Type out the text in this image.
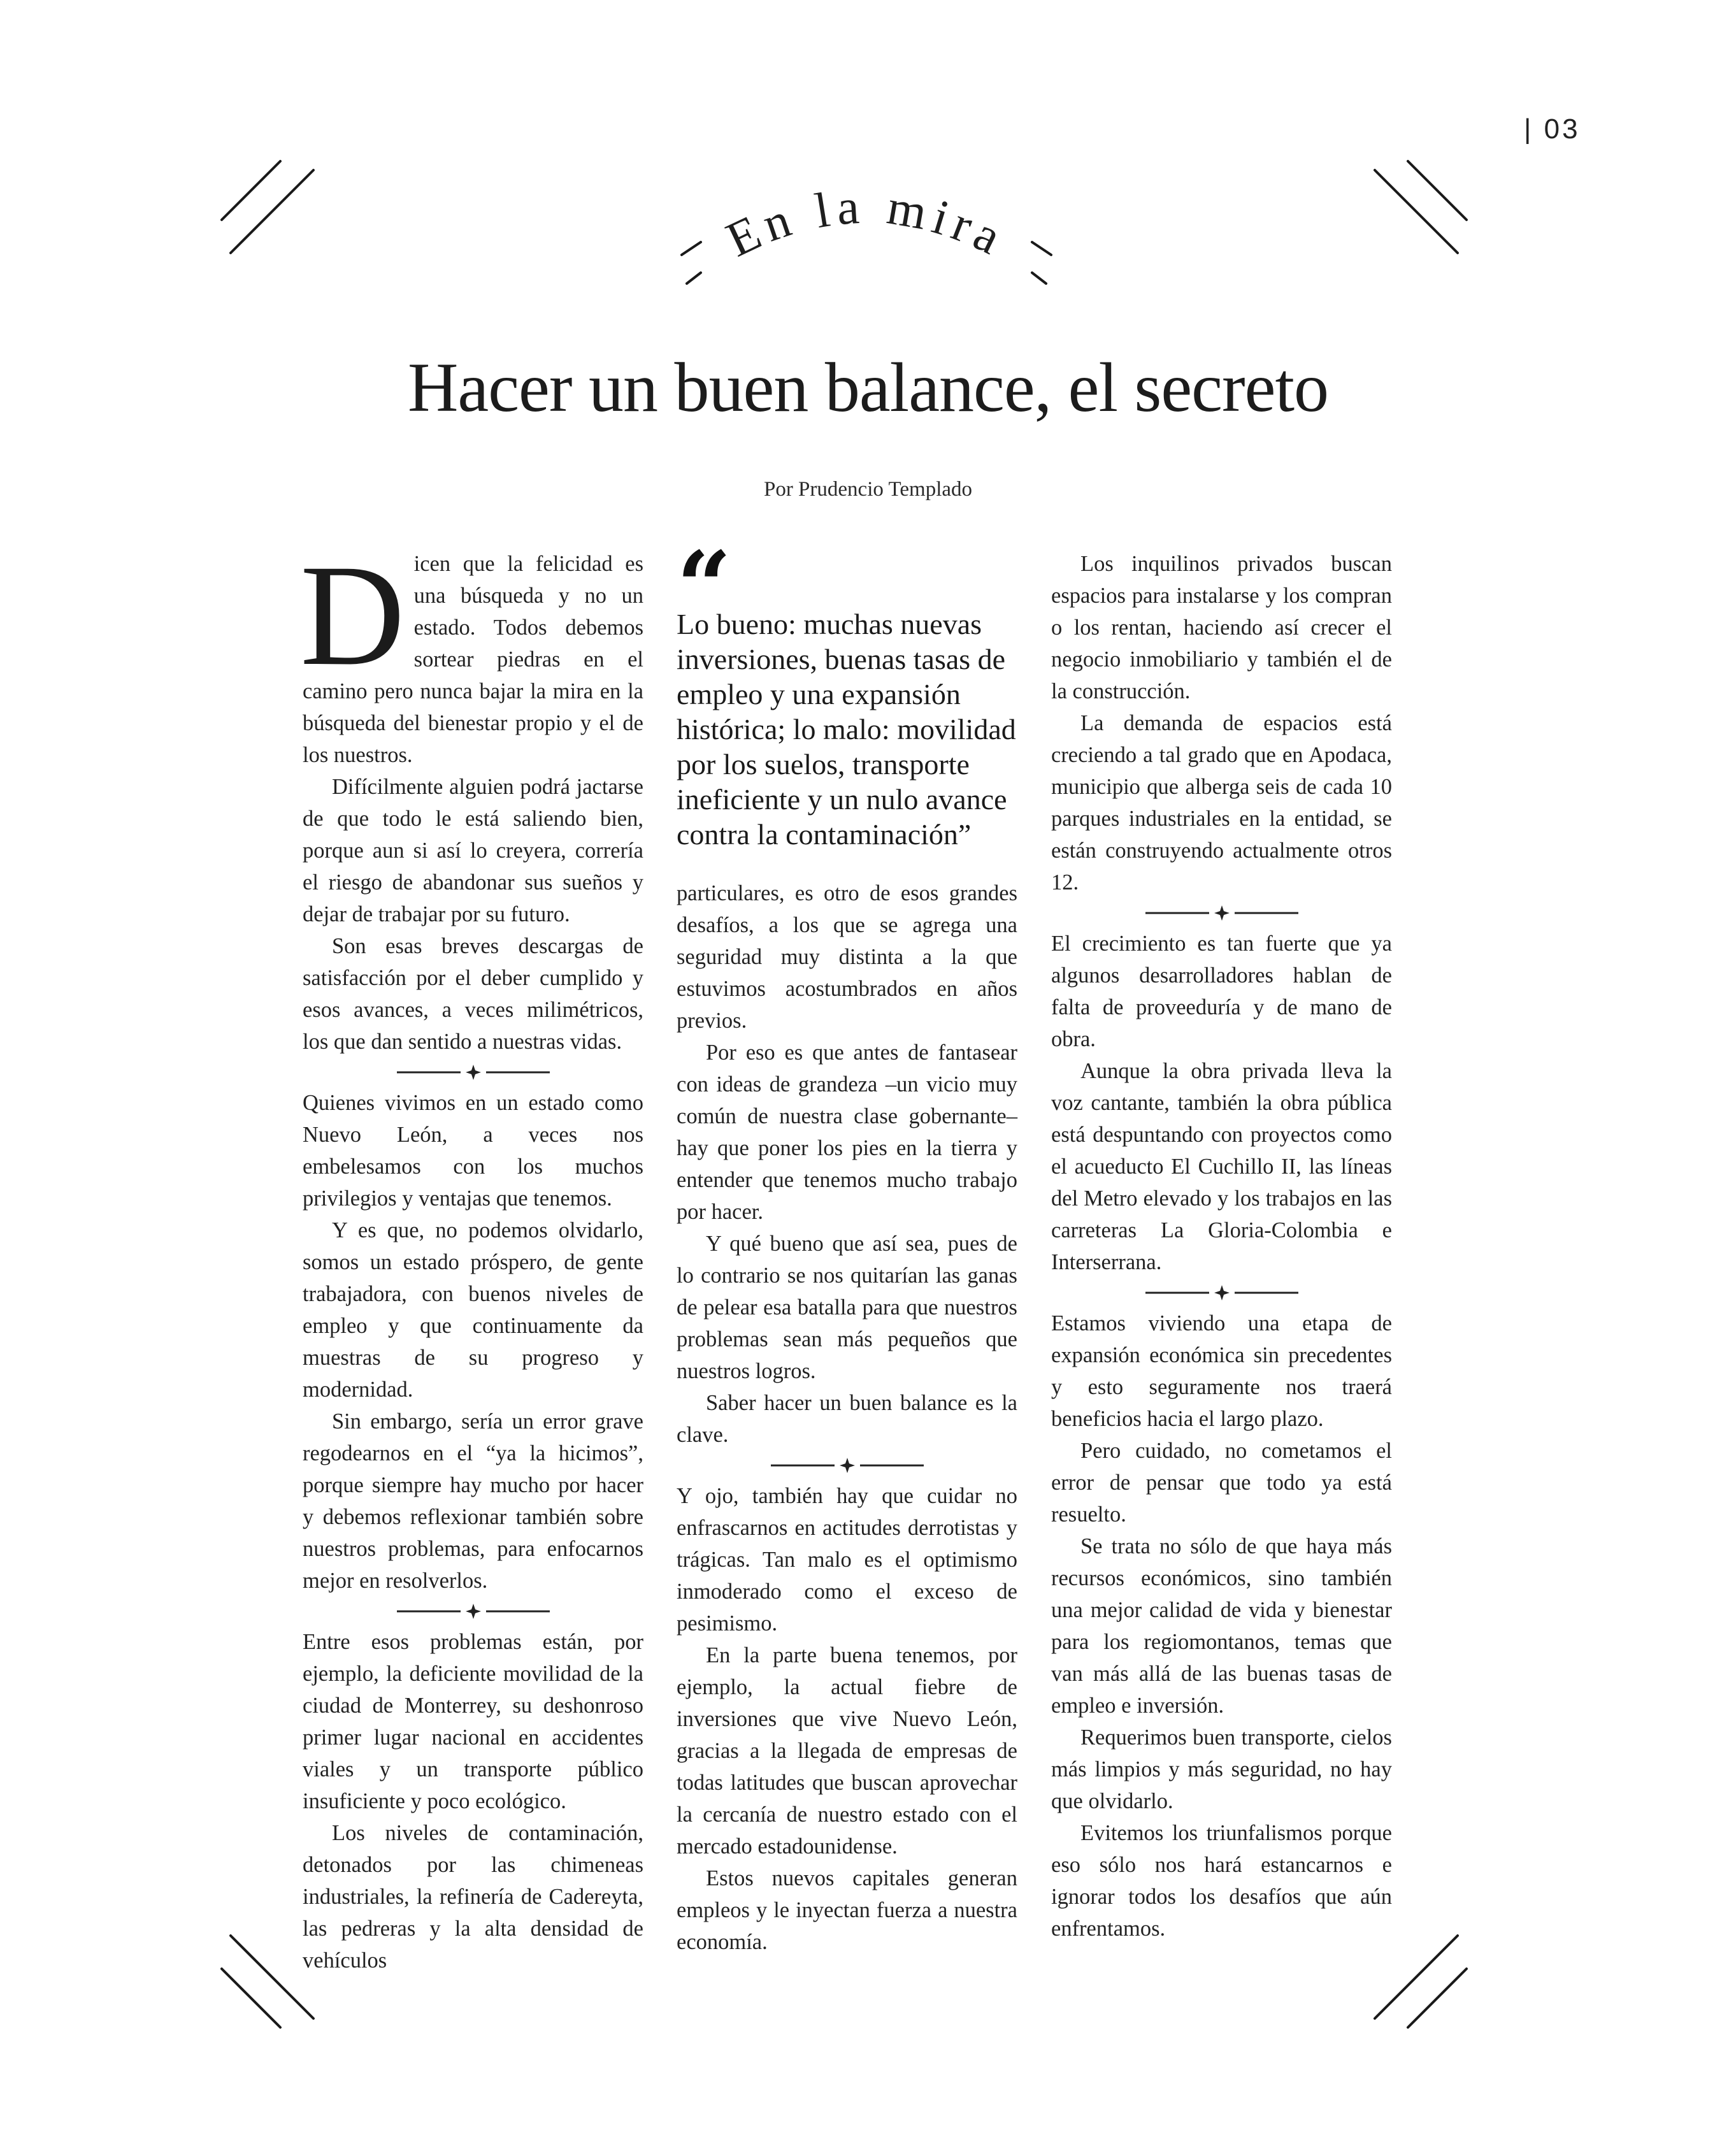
| 03
En la mira
Hacer un buen balance, el secreto
Por Prudencio Templado
D icen que la felicidad es una búsqueda y no un estado. Todos debemos sortear piedras en el camino pero nunca bajar la mira en la búsqueda del bienestar propio y el de los nuestros.

Difícilmente alguien podrá jactarse de que todo le está saliendo bien, porque aun si así lo creyera, correría el riesgo de abandonar sus sueños y dejar de trabajar por su futuro.

Son esas breves descargas de satisfacción por el deber cumplido y esos avances, a veces milimétricos, los que dan sentido a nuestras vidas.

Quienes vivimos en un estado como Nuevo León, a veces nos embelesamos con los muchos privilegios y ventajas que tenemos.

Y es que, no podemos olvidarlo, somos un estado próspero, de gente trabajadora, con buenos niveles de empleo y que continuamente da muestras de su progreso y modernidad.

Sin embargo, sería un error grave regodearnos en el “ya la hicimos”, porque siempre hay mucho por hacer y debemos reflexionar también sobre nuestros problemas, para enfocarnos mejor en resolverlos.

Entre esos problemas están, por ejemplo, la deficiente movilidad de la ciudad de Monterrey, su deshonroso primer lugar nacional en accidentes viales y un transporte público insuficiente y poco ecológico.

Los niveles de contaminación, detonados por las chimeneas industriales, la refinería de Cadereyta, las pedreras y la alta densidad de vehículos

“
Lo bueno: muchas nuevas inversiones, buenas tasas de empleo y una expansión histórica; lo malo: movilidad por los suelos, transporte ineficiente y un nulo avance contra la contaminación”

particulares, es otro de esos grandes desafíos, a los que se agrega una seguridad muy distinta a la que estuvimos acostumbrados en años previos.

Por eso es que antes de fantasear con ideas de grandeza –un vicio muy común de nuestra clase gobernante– hay que poner los pies en la tierra y entender que tenemos mucho trabajo por hacer.

Y qué bueno que así sea, pues de lo contrario se nos quitarían las ganas de pelear esa batalla para que nuestros problemas sean más pequeños que nuestros logros.

Saber hacer un buen balance es la clave.

Y ojo, también hay que cuidar no enfrascarnos en actitudes derrotistas y trágicas. Tan malo es el optimismo inmoderado como el exceso de pesimismo.

En la parte buena tenemos, por ejemplo, la actual fiebre de inversiones que vive Nuevo León, gracias a la llegada de empresas de todas latitudes que buscan aprovechar la cercanía de nuestro estado con el mercado estadounidense.

Estos nuevos capitales generan empleos y le inyectan fuerza a nuestra economía.

Los inquilinos privados buscan espacios para instalarse y los compran o los rentan, haciendo así crecer el negocio inmobiliario y también el de la construcción.

La demanda de espacios está creciendo a tal grado que en Apodaca, municipio que alberga seis de cada 10 parques industriales en la entidad, se están construyendo actualmente otros 12.

El crecimiento es tan fuerte que ya algunos desarrolladores hablan de falta de proveeduría y de mano de obra.

Aunque la obra privada lleva la voz cantante, también la obra pública está despuntando con proyectos como el acueducto El Cuchillo II, las líneas del Metro elevado y los trabajos en las carreteras La Gloria-Colombia e Interserrana.

Estamos viviendo una etapa de expansión económica sin precedentes y esto seguramente nos traerá beneficios hacia el largo plazo.

Pero cuidado, no cometamos el error de pensar que todo ya está resuelto.

Se trata no sólo de que haya más recursos económicos, sino también una mejor calidad de vida y bienestar para los regiomontanos, temas que van más allá de las buenas tasas de empleo e inversión.

Requerimos buen transporte, cielos más limpios y más seguridad, no hay que olvidarlo.

Evitemos los triunfalismos porque eso sólo nos hará estancarnos e ignorar todos los desafíos que aún enfrentamos.
